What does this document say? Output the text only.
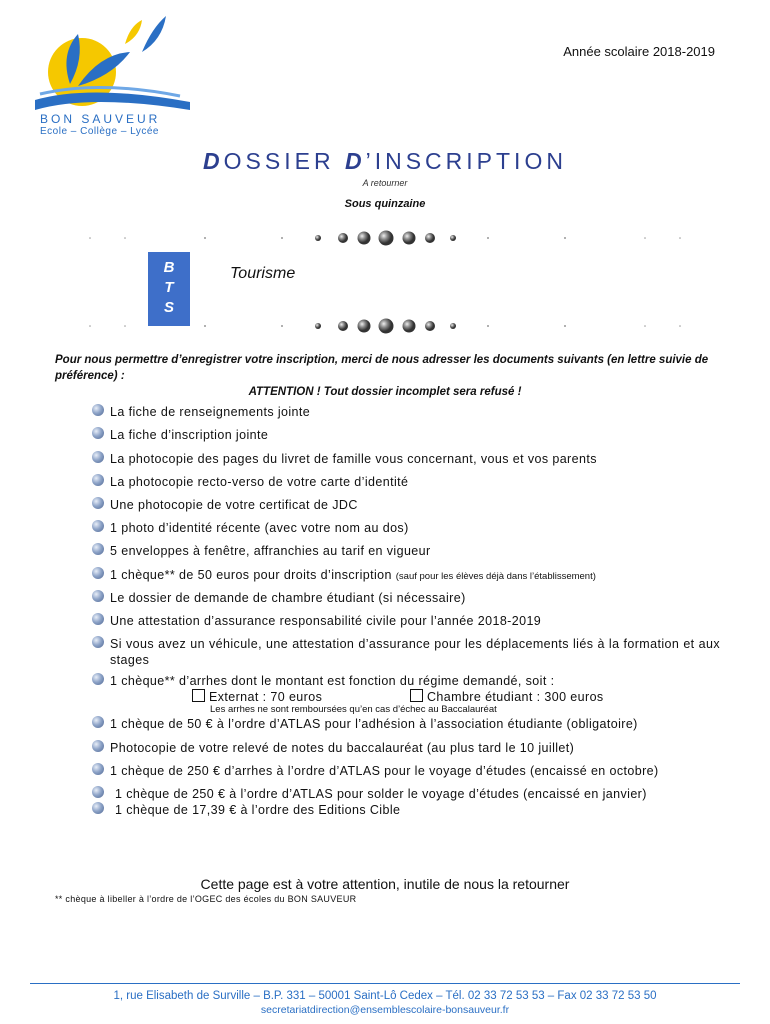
BON SAUVEUR
Ecole – Collège – Lycée
Année scolaire 2018-2019
DOSSIER D’INSCRIPTION
A retourner
Sous quinzaine
B
T
S
Tourisme
Pour nous permettre d’enregistrer votre inscription, merci de nous adresser les documents suivants (en lettre suivie de préférence) :
ATTENTION ! Tout dossier incomplet sera refusé !
La fiche de renseignements jointe
La fiche d’inscription jointe
La photocopie des pages du livret de famille vous concernant, vous et vos parents
La photocopie recto-verso de votre carte d’identité
Une photocopie de votre certificat de JDC
1 photo d’identité récente (avec votre nom au dos)
5 enveloppes à fenêtre, affranchies au tarif en vigueur
1 chèque** de 50 euros pour droits d’inscription (sauf pour les élèves déjà dans l’établissement)
Le dossier de demande de chambre étudiant (si nécessaire)
Une attestation d’assurance responsabilité civile pour l’année 2018-2019
Si vous avez un véhicule, une attestation d’assurance pour les déplacements liés à la formation et aux stages
1 chèque** d’arrhes dont le montant est fonction du régime demandé, soit :
Externat : 70 euros	Chambre étudiant : 300 euros
Les arrhes ne sont remboursées qu’en cas d’échec au Baccalauréat
1 chèque de 50 € à l’ordre d’ATLAS pour l’adhésion à l’association étudiante (obligatoire)
Photocopie de votre relevé de notes du baccalauréat (au plus tard le 10 juillet)
1 chèque de 250 € d’arrhes à l’ordre d’ATLAS pour le voyage d’études (encaissé en octobre)
1 chèque de 250 € à l’ordre d’ATLAS pour solder le voyage d’études (encaissé en janvier)
1 chèque de 17,39 € à l’ordre des Editions Cible
Cette page est à votre attention, inutile de nous la retourner
** chèque à libeller à l’ordre de l’OGEC des écoles du BON SAUVEUR
1, rue Elisabeth de Surville – B.P. 331 – 50001 Saint-Lô Cedex – Tél. 02 33 72 53 53 – Fax 02 33 72 53 50
secretariatdirection@ensemblescolaire-bonsauveur.fr
